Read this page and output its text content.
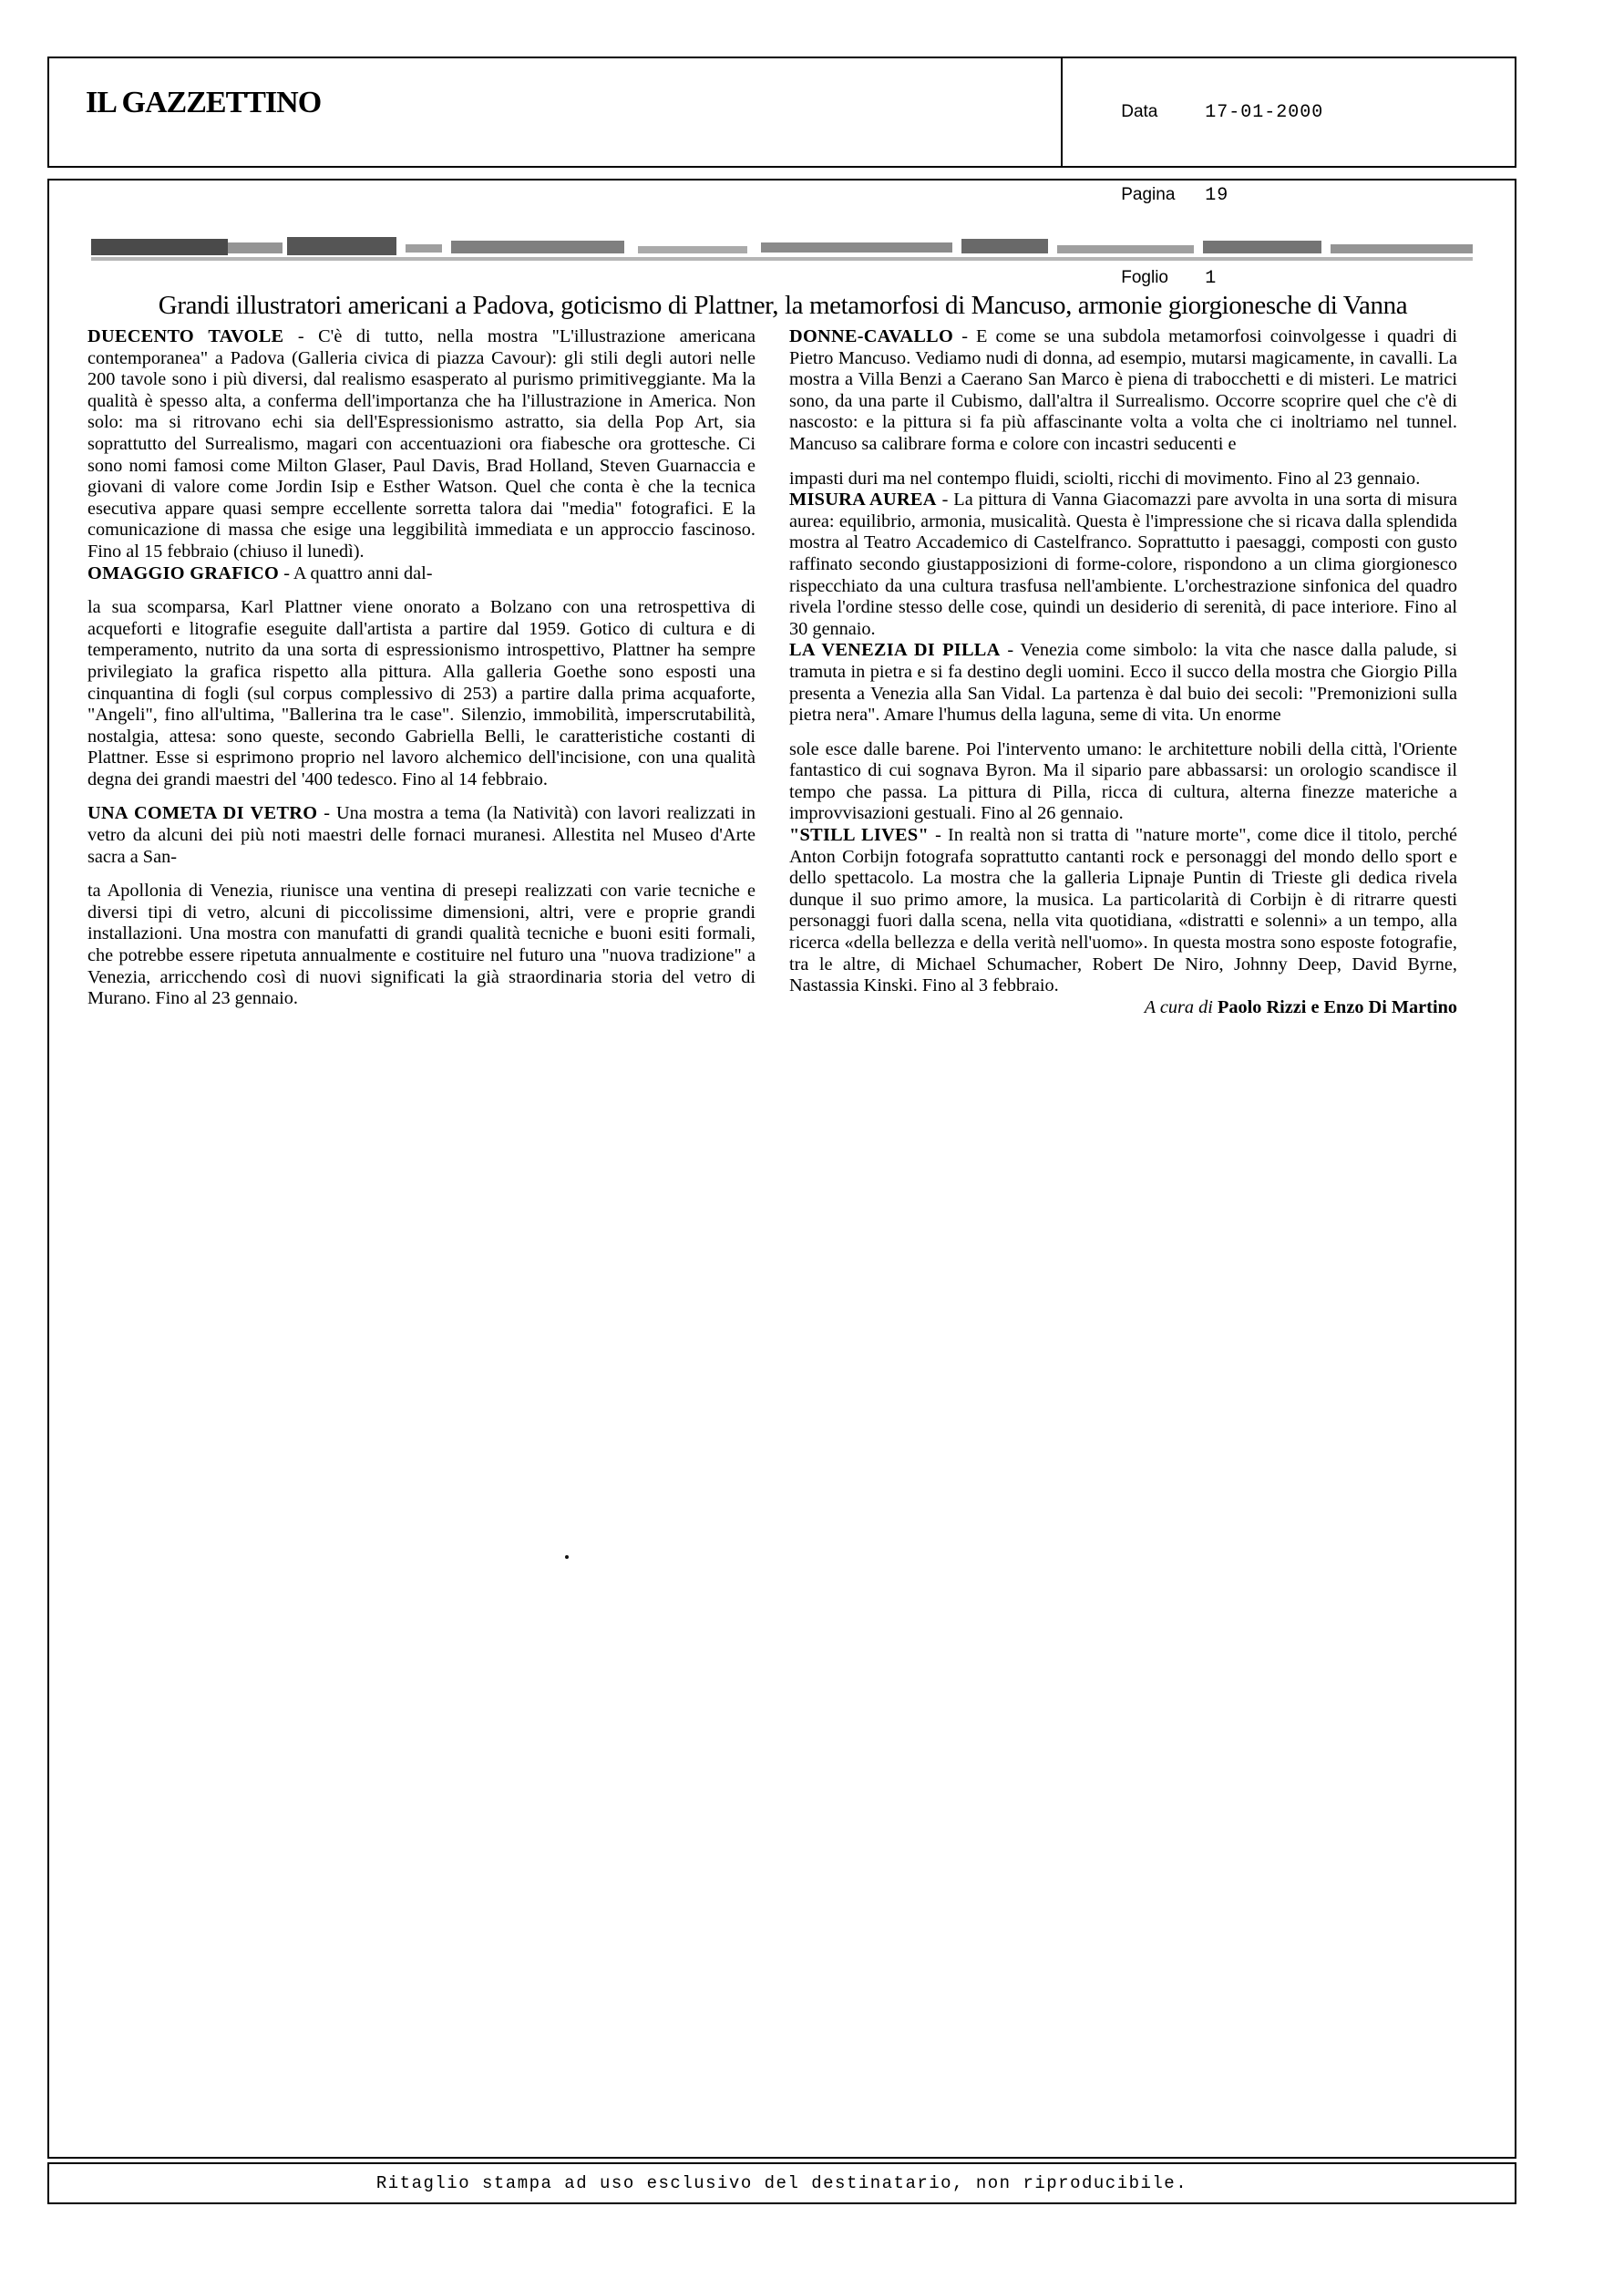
IL GAZZETTINO	Data	17-01-2000

Pagina 19

Foglio 1

Grandi illustratori americani a Padova, goticismo di Plattner, la metamorfosi di Mancuso, armonie giorgionesche di Vanna

DUECENTO TAVOLE - C'è di tutto, nella mostra "L'illustrazione americana contemporanea" a Padova (Galleria civica di piazza Cavour): gli stili degli autori nelle 200 tavole sono i più diversi, dal realismo esasperato al purismo primitiveggiante. Ma la qualità è spesso alta, a conferma dell'importanza che ha l'illustrazione in America. Non solo: ma si ritrovano echi sia dell'Espressionismo astratto, sia della Pop Art, sia soprattutto del Surrealismo, magari con accentuazioni ora fiabesche ora grottesche. Ci sono nomi famosi come Milton Glaser, Paul Davis, Brad Holland, Steven Guarnaccia e giovani di valore come Jordin Isip e Esther Watson. Quel che conta è che la tecnica esecutiva appare quasi sempre eccellente sorretta talora dai "media" fotografici. E la comunicazione di massa che esige una leggibilità immediata e un approccio fascinoso. Fino al 15 febbraio (chiuso il lunedì).

OMAGGIO GRAFICO - A quattro anni dal-

la sua scomparsa, Karl Plattner viene onorato a Bolzano con una retrospettiva di acqueforti e litografie eseguite dall'artista a partire dal 1959. Gotico di cultura e di temperamento, nutrito da una sorta di espressionismo introspettivo, Plattner ha sempre privilegiato la grafica rispetto alla pittura. Alla galleria Goethe sono esposti una cinquantina di fogli (sul corpus complessivo di 253) a partire dalla prima acquaforte, "Angeli", fino all'ultima, "Ballerina tra le case". Silenzio, immobilità, imperscrutabilità, nostalgia, attesa: sono queste, secondo Gabriella Belli, le caratteristiche costanti di Plattner. Esse si esprimono proprio nel lavoro alchemico dell'incisione, con una qualità degna dei grandi maestri del '400 tedesco. Fino al 14 febbraio.

UNA COMETA DI VETRO - Una mostra a tema (la Natività) con lavori realizzati in vetro da alcuni dei più noti maestri delle fornaci muranesi. Allestita nel Museo d'Arte sacra a San-

ta Apollonia di Venezia, riunisce una ventina di presepi realizzati con varie tecniche e diversi tipi di vetro, alcuni di piccolissime dimensioni, altri, vere e proprie grandi installazioni. Una mostra con manufatti di grandi qualità tecniche e buoni esiti formali, che potrebbe essere ripetuta annualmente e costituire nel futuro una "nuova tradizione" a Venezia, arricchendo così di nuovi significati la già straordinaria storia del vetro di Murano. Fino al 23 gennaio.

DONNE-CAVALLO - E come se una subdola metamorfosi coinvolgesse i quadri di Pietro Mancuso. Vediamo nudi di donna, ad esempio, mutarsi magicamente, in cavalli. La mostra a Villa Benzi a Caerano San Marco è piena di trabocchetti e di misteri. Le matrici sono, da una parte il Cubismo, dall'altra il Surrealismo. Occorre scoprire quel che c'è di nascosto: e la pittura si fa più affascinante volta a volta che ci inoltriamo nel tunnel. Mancuso sa calibrare forma e colore con incastri seducenti e

impasti duri ma nel contempo fluidi, sciolti, ricchi di movimento. Fino al 23 gennaio.

MISURA AUREA - La pittura di Vanna Giacomazzi pare avvolta in una sorta di misura aurea: equilibrio, armonia, musicalità. Questa è l'impressione che si ricava dalla splendida mostra al Teatro Accademico di Castelfranco. Soprattutto i paesaggi, composti con gusto raffinato secondo giustapposizioni di forme-colore, rispondono a un clima giorgionesco rispecchiato da una cultura trasfusa nell'ambiente. L'orchestrazione sinfonica del quadro rivela l'ordine stesso delle cose, quindi un desiderio di serenità, di pace interiore. Fino al 30 gennaio.

LA VENEZIA DI PILLA - Venezia come simbolo: la vita che nasce dalla palude, si tramuta in pietra e si fa destino degli uomini. Ecco il succo della mostra che Giorgio Pilla presenta a Venezia alla San Vidal. La partenza è dal buio dei secoli: "Premonizioni sulla pietra nera". Amare l'humus della laguna, seme di vita. Un enorme

sole esce dalle barene. Poi l'intervento umano: le architetture nobili della città, l'Oriente fantastico di cui sognava Byron. Ma il sipario pare abbassarsi: un orologio scandisce il tempo che passa. La pittura di Pilla, ricca di cultura, alterna finezze materiche a improvvisazioni gestuali. Fino al 26 gennaio.

"STILL LIVES" - In realtà non si tratta di "nature morte", come dice il titolo, perché Anton Corbijn fotografa soprattutto cantanti rock e personaggi del mondo dello sport e dello spettacolo. La mostra che la galleria Lipnaje Puntin di Trieste gli dedica rivela dunque il suo primo amore, la musica. La particolarità di Corbijn è di ritrarre questi personaggi fuori dalla scena, nella vita quotidiana, «distratti e solenni» a un tempo, alla ricerca «della bellezza e della verità nell'uomo». In questa mostra sono esposte fotografie, tra le altre, di Michael Schumacher, Robert De Niro, Johnny Deep, David Byrne, Nastassia Kinski. Fino al 3 febbraio.

A cura di Paolo Rizzi e Enzo Di Martino

Ritaglio stampa ad uso esclusivo del destinatario, non riproducibile.
